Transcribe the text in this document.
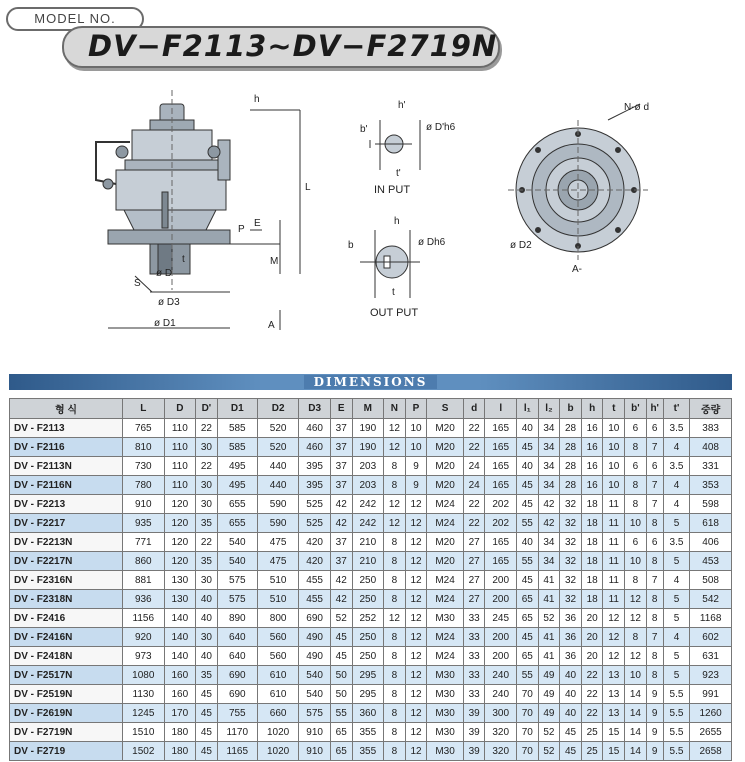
MODEL NO.
DV−F2113∼DV−F2719N
h
L
E
P
M
t
S
ø D
ø D3
ø D1	A
h'
b'	ø D'h6
t'
IN PUT
h
b	ø Dh6
t
OUT PUT
N-ø d
ø D2
A-
DIMENSIONS
형 식	L	D	D'	D1	D2	D3	E	M	N	P	S	d	l	l₁	l₂	b	h	t	b'	h'	t'	중량
DV - F2113	765	110	22	585	520	460	37	190	12	10	M20	22	165	40	34	28	16	10	6	6	3.5	383
DV - F2116	810	110	30	585	520	460	37	190	12	10	M20	22	165	45	34	28	16	10	8	7	4	408
DV - F2113N	730	110	22	495	440	395	37	203	8	9	M20	24	165	40	34	28	16	10	6	6	3.5	331
DV - F2116N	780	110	30	495	440	395	37	203	8	9	M20	24	165	45	34	28	16	10	8	7	4	353
DV - F2213	910	120	30	655	590	525	42	242	12	12	M24	22	202	45	42	32	18	11	8	7	4	598
DV - F2217	935	120	35	655	590	525	42	242	12	12	M24	22	202	55	42	32	18	11	10	8	5	618
DV - F2213N	771	120	22	540	475	420	37	210	8	12	M20	27	165	40	34	32	18	11	6	6	3.5	406
DV - F2217N	860	120	35	540	475	420	37	210	8	12	M20	27	165	55	34	32	18	11	10	8	5	453
DV - F2316N	881	130	30	575	510	455	42	250	8	12	M24	27	200	45	41	32	18	11	8	7	4	508
DV - F2318N	936	130	40	575	510	455	42	250	8	12	M24	27	200	65	41	32	18	11	12	8	5	542
DV - F2416	1156	140	40	890	800	690	52	252	12	12	M30	33	245	65	52	36	20	12	12	8	5	1168
DV - F2416N	920	140	30	640	560	490	45	250	8	12	M24	33	200	45	41	36	20	12	8	7	4	602
DV - F2418N	973	140	40	640	560	490	45	250	8	12	M24	33	200	65	41	36	20	12	12	8	5	631
DV - F2517N	1080	160	35	690	610	540	50	295	8	12	M30	33	240	55	49	40	22	13	10	8	5	923
DV - F2519N	1130	160	45	690	610	540	50	295	8	12	M30	33	240	70	49	40	22	13	14	9	5.5	991
DV - F2619N	1245	170	45	755	660	575	55	360	8	12	M30	39	300	70	49	40	22	13	14	9	5.5	1260
DV - F2719N	1510	180	45	1170	1020	910	65	355	8	12	M30	39	320	70	52	45	25	15	14	9	5.5	2655
DV - F2719	1502	180	45	1165	1020	910	65	355	8	12	M30	39	320	70	52	45	25	15	14	9	5.5	2658
